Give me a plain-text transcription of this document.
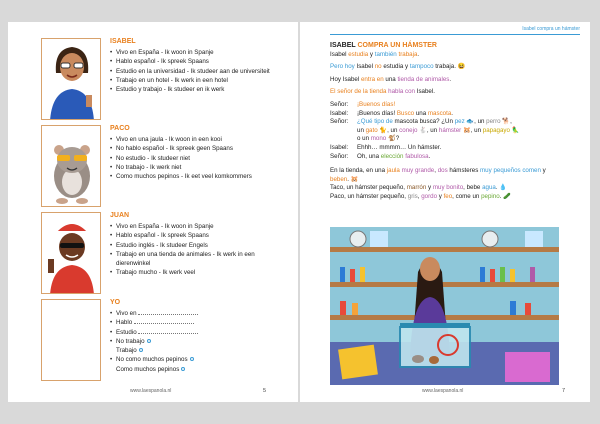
ISABEL
• Vivo en España - Ik woon in Spanje
• Hablo español - Ik spreek Spaans
• Estudio en la universidad - Ik studeer aan de universiteit
• Trabajo en un hotel - Ik werk in een hotel
• Estudio y trabajo - Ik studeer en ik werk
PACO
• Vivo en una jaula - Ik woon in een kooi
• No hablo español - Ik spreek geen Spaans
• No estudio - Ik studeer niet
• No trabajo - Ik werk niet
• Como muchos pepinos - Ik eet veel komkommers
JUAN
• Vivo en España - Ik woon in Spanje
• Hablo español - Ik spreek Spaans
• Estudio inglés - Ik studeer Engels
• Trabajo en una tienda de animales - Ik werk in een dierenwinkel
• Trabajo mucho - Ik werk veel
YO
• Vivo en
• Hablo
• Estudio
• No trabajo
Trabajo
• No como muchos pepinos
Como muchos pepinos
www.laespanola.nl	5
Isabel compra un hámster
ISABEL COMPRA UN HÁMSTER
Isabel estudia y también trabaja.
Pero hoy Isabel no estudia y tampoco trabaja. 😆
Hoy Isabel entra en una tienda de animales.
El señor de la tienda habla con Isabel.
Señor:	¡Buenos días!
Isabel:	¡Buenos días! Busco una mascota.
Señor:	¿Qué tipo de mascota busca? ¿Un pez 🐟, un perro 🐕,
un gato 🐈, un conejo 🐇, un hámster 🐹, un papagayo 🦜
o un mono 🐒?
Isabel:	Ehhh… mmmm… Un hámster.
Señor:	Oh, una elección fabulosa.
En la tienda, en una jaula muy grande, dos hámsteres muy pequeños comen y beben. 🐹
Taco, un hámster pequeño, marrón y muy bonito, bebe agua. 💧
Paco, un hámster pequeño, gris, gordo y feo, come un pepino. 🥒
www.laespanola.nl	7
